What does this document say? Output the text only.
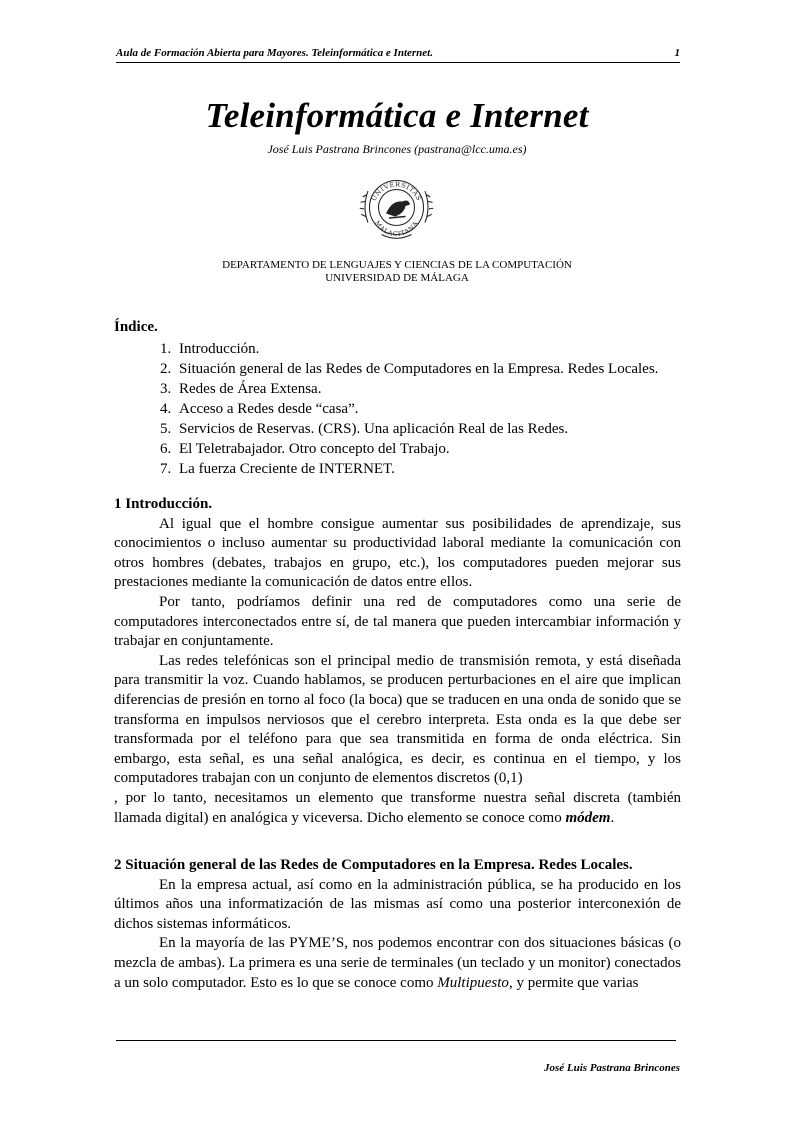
Aula de Formación Abierta para Mayores. Teleinformática e Internet.	1
Teleinformática e Internet
José Luis Pastrana Brincones (pastrana@lcc.uma.es)
UNIVERSITAS
MALACITANA
DEPARTAMENTO DE LENGUAJES Y CIENCIAS DE LA COMPUTACIÓN
UNIVERSIDAD DE MÁLAGA
Índice.
1. Introducción.
2. Situación general de las Redes de Computadores en la Empresa. Redes Locales.
3. Redes de Área Extensa.
4. Acceso a Redes desde “casa”.
5. Servicios de Reservas. (CRS). Una aplicación Real de las Redes.
6. El Teletrabajador. Otro concepto del Trabajo.
7. La fuerza Creciente de INTERNET.
1 Introducción.

Al igual que el hombre consigue aumentar sus posibilidades de aprendizaje, sus conocimientos o incluso aumentar su productividad laboral mediante la comunicación con otros hombres (debates, trabajos en grupo, etc.), los computadores pueden mejorar sus prestaciones mediante la comunicación de datos entre ellos.

Por tanto, podríamos definir una red de computadores como una serie de computadores interconectados entre sí, de tal manera que pueden intercambiar información y trabajar en conjuntamente.

Las redes telefónicas son el principal medio de transmisión remota, y está diseñada para transmitir la voz. Cuando hablamos, se producen perturbaciones en el aire que implican diferencias de presión en torno al foco (la boca) que se traducen en una onda de sonido que se transforma en impulsos nerviosos que el cerebro interpreta. Esta onda es la que debe ser transformada por el teléfono para que sea transmitida en forma de onda eléctrica. Sin embargo, esta señal, es una señal analógica, es decir, es continua en el tiempo, y los computadores trabajan con un conjunto de elementos discretos (0,1)

, por lo tanto, necesitamos un elemento que transforme nuestra señal discreta (también llamada digital) en analógica y viceversa. Dicho elemento se conoce como módem.

2 Situación general de las Redes de Computadores en la Empresa. Redes Locales.

En la empresa actual, así como en la administración pública, se ha producido en los últimos años una informatización de las mismas así como una posterior interconexión de dichos sistemas informáticos.

En la mayoría de las PYME’S, nos podemos encontrar con dos situaciones básicas (o mezcla de ambas). La primera es una serie de terminales (un teclado y un monitor) conectados a un solo computador. Esto es lo que se conoce como Multipuesto, y permite que varias

José Luis Pastrana Brincones
